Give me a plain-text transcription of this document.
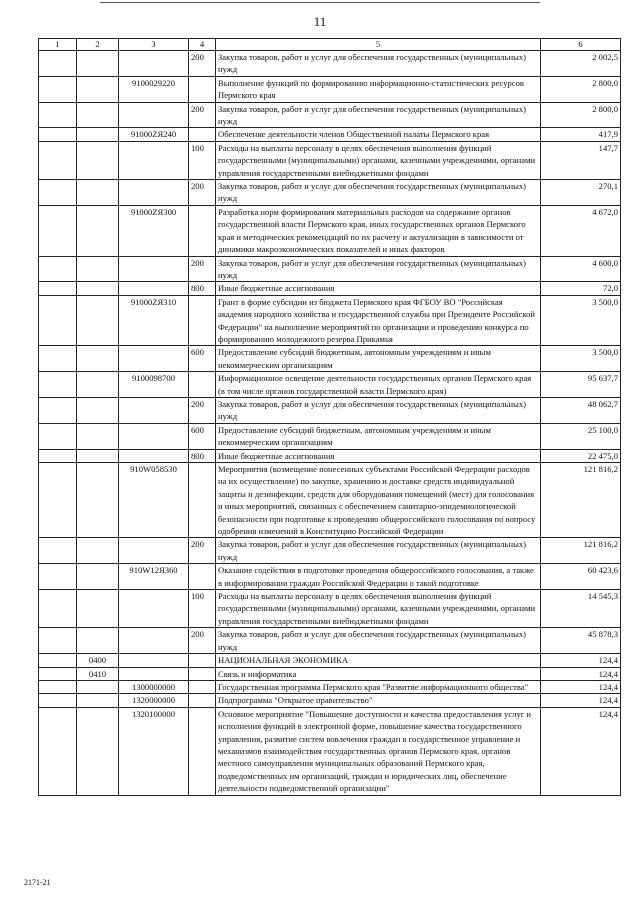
11
1	2	3	4	5	6
			200	Закупка товаров, работ и услуг для обеспечения государственных (муниципальных) нужд	2 002,5
		9100029220		Выполнение функций по формированию информационно-статистических ресурсов Пермского края	2 800,0
			200	Закупка товаров, работ и услуг для обеспечения государственных (муниципальных) нужд	2 800,0
		91000ZЯ240		Обеспечение деятельности членов Общественной палаты Пермского края	417,9
			100	Расходы на выплаты персоналу в целях обеспечения выполнения функций государственными (муниципальными) органами, казенными учреждениями, органами управления государственными внебюджетными фондами	147,7
			200	Закупка товаров, работ и услуг для обеспечения государственных (муниципальных) нужд	270,1
		91000ZЯ300		Разработка норм формирования материальных расходов на содержание органов государственной власти Пермского края, иных государственных органов Пермского края и методических рекомендаций по их расчету и актуализации в зависимости от динамики макроэкономических показателей и иных факторов	4 672,0
			200	Закупка товаров, работ и услуг для обеспечения государственных (муниципальных) нужд	4 600,0
			800	Иные бюджетные ассигнования	72,0
		91000ZЯ310		Грант в форме субсидии из бюджета Пермского края ФГБОУ ВО "Российская академия народного хозяйства и государственной службы при Президенте Российской Федерации" на выполнение мероприятий по организации и проведению конкурса по формированию молодежного резерва Прикамья	3 500,0
			600	Предоставление субсидий бюджетным, автономным учреждениям и иным некоммерческим организациям	3 500,0
		9100098700		Информационное освещение деятельности государственных органов Пермского края (в том числе органов государственной власти Пермского края)	95 637,7
			200	Закупка товаров, работ и услуг для обеспечения государственных (муниципальных) нужд	48 062,7
			600	Предоставление субсидий бюджетным, автономным учреждениям и иным некоммерческим организациям	25 100,0
			800	Иные бюджетные ассигнования	22 475,0
		910W058530		Мероприятия (возмещение понесенных субъектами Российской Федерации расходов на их осуществление) по закупке, хранению и доставке средств индивидуальной защиты и дезинфекции, средств для оборудования помещений (мест) для голосования и иных мероприятий, связанных с обеспечением санитарно-эпидемиологической безопасности при подготовке к проведению общероссийского голосования по вопросу одобрения изменений в Конституцию Российской Федерации	121 816,2
			200	Закупка товаров, работ и услуг для обеспечения государственных (муниципальных) нужд	121 816,2
		910W12Я360		Оказание содействия в подготовке проведения общероссийского голосования, а также в информировании граждан Российской Федерации о такой подготовке	60 423,6
			100	Расходы на выплаты персоналу в целях обеспечения выполнения функций государственными (муниципальными) органами, казенными учреждениями, органами управления государственными внебюджетными фондами	14 545,3
			200	Закупка товаров, работ и услуг для обеспечения государственных (муниципальных) нужд	45 878,3
	0400			НАЦИОНАЛЬНАЯ ЭКОНОМИКА	124,4
	0410			Связь и информатика	124,4
		1300000000		Государственная программа Пермского края "Развитие информационного общества"	124,4
		1320000000		Подпрограмма "Открытое правительство"	124,4
		1320100000		Основное мероприятие "Повышение доступности и качества предоставления услуг и исполнения функций в электронной форме, повышение качества государственного управления, развитие систем вовлечения граждан в государственное управление и механизмов взаимодействия государственных органов Пермского края, органов местного самоуправления муниципальных образований Пермского края, подведомственных им организаций, граждан и юридических лиц, обеспечение деятельности подведомственной организации"	124,4
2171-21
